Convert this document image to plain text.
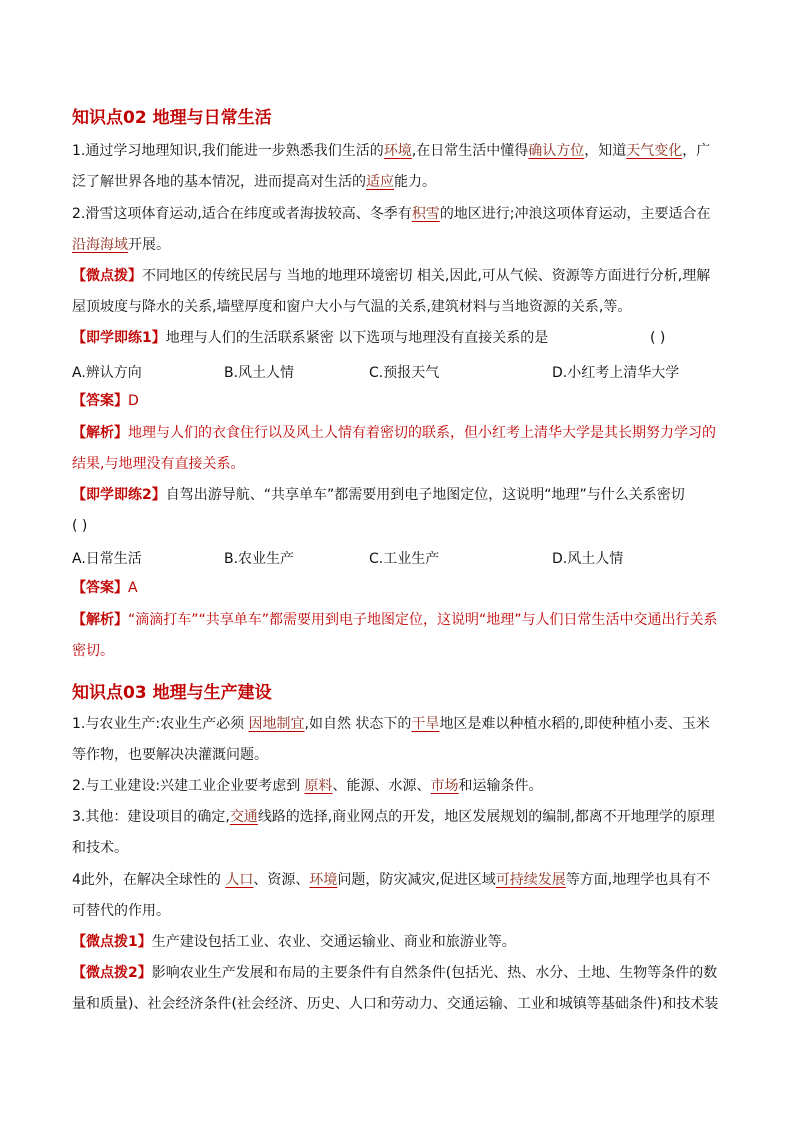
知识点02 地理与日常生活
1.通过学习地理知识,我们能进一步熟悉我们生活的环境,在日常生活中懂得确认方位，知道天气变化，广泛了解世界各地的基本情况，进而提高对生活的适应能力。
2.滑雪这项体育运动,适合在纬度或者海拔较高、冬季有积雪的地区进行;冲浪这项体育运动，主要适合在沿海海域开展。
【微点拨】不同地区的传统民居与 当地的地理环境密切 相关,因此,可从气候、资源等方面进行分析,理解屋顶坡度与降水的关系,墙壁厚度和窗户大小与气温的关系,建筑材料与当地资源的关系,等。
【即学即练1】地理与人们的生活联系紧密 以下选项与地理没有直接关系的是	( )
A.辨认方向	B.风土人情	C.预报天气	D.小红考上清华大学
【答案】D
【解析】地理与人们的衣食住行以及风土人情有着密切的联系，但小红考上清华大学是其长期努力学习的结果,与地理没有直接关系。
【即学即练2】自驾出游导航、“共享单车”都需要用到电子地图定位，这说明“地理”与什么关系密切
( )
A.日常生活	B.农业生产	C.工业生产	D.风土人情
【答案】A
【解析】“滴滴打车”“共享单车”都需要用到电子地图定位，这说明“地理”与人们日常生活中交通出行关系密切。
知识点03 地理与生产建设
1.与农业生产:农业生产必须 因地制宜,如自然 状态下的干旱地区是难以种植水稻的,即使种植小麦、玉米等作物，也要解决决灌溉问题。
2.与工业建设:兴建工业企业要考虑到 原料、能源、水源、市场和运输条件。
3.其他：建设项目的确定,交通线路的选择,商业网点的开发，地区发展规划的编制,都离不开地理学的原理和技术。
4此外，在解决全球性的 人口、资源、环境问题，防灾减灾,促进区域可持续发展等方面,地理学也具有不可替代的作用。
【微点拨1】生产建设包括工业、农业、交通运输业、商业和旅游业等。
【微点拨2】影响农业生产发展和布局的主要条件有自然条件(包括光、热、水分、土地、生物等条件的数量和质量)、社会经济条件(社会经济、历史、人口和劳动力、交通运输、工业和城镇等基础条件)和技术装
